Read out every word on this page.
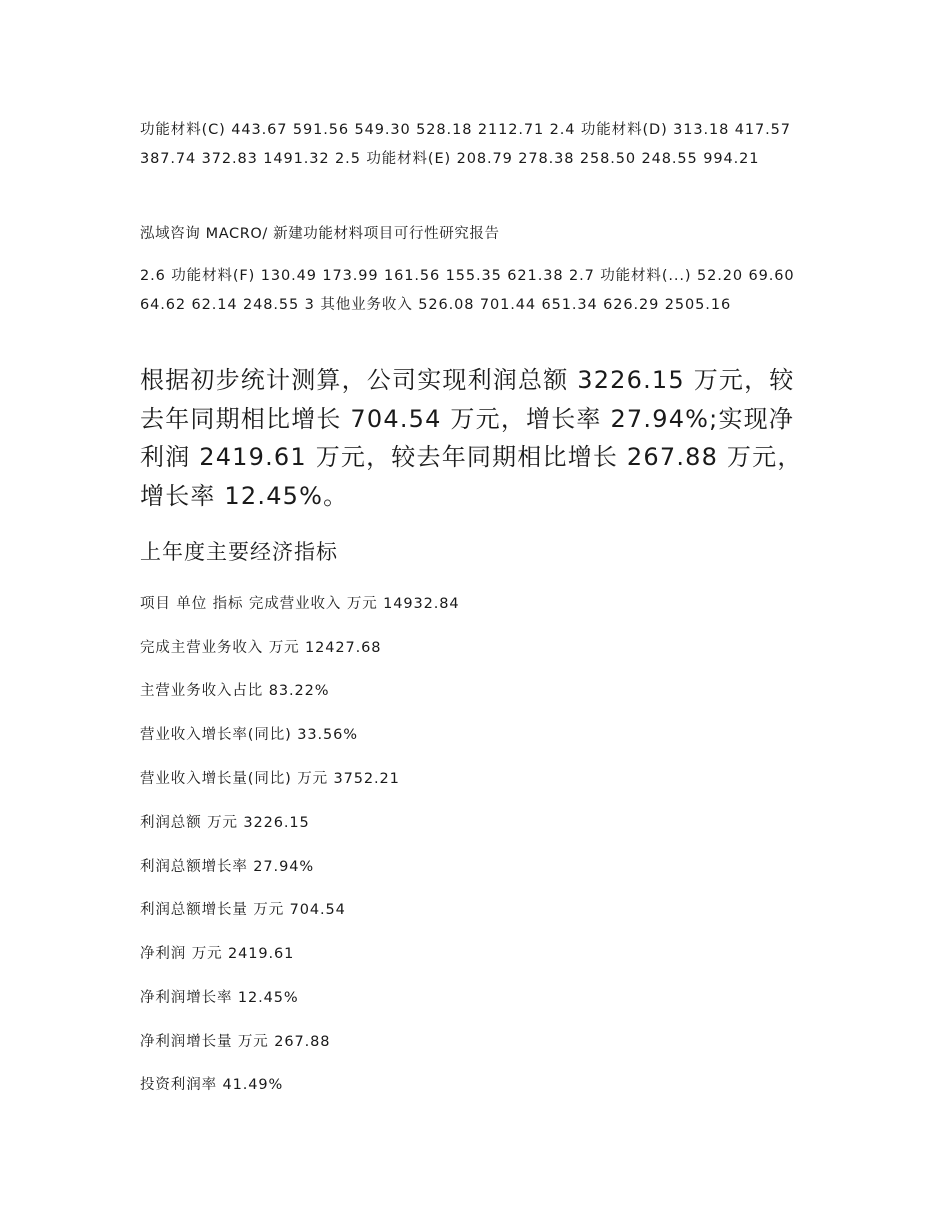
功能材料(C) 443.67 591.56 549.30 528.18 2112.71 2.4 功能材料(D) 313.18 417.57 387.74 372.83 1491.32 2.5 功能材料(E) 208.79 278.38 258.50 248.55 994.21

泓域咨询 MACRO/ 新建功能材料项目可行性研究报告

2.6 功能材料(F) 130.49 173.99 161.56 155.35 621.38 2.7 功能材料(...) 52.20 69.60 64.62 62.14 248.55 3 其他业务收入 526.08 701.44 651.34 626.29 2505.16

根据初步统计测算，公司实现利润总额 3226.15 万元，较去年同期相比增长 704.54 万元，增长率 27.94%;实现净利润 2419.61 万元，较去年同期相比增长 267.88 万元，增长率 12.45%。

上年度主要经济指标

项目 单位 指标 完成营业收入 万元 14932.84

完成主营业务收入 万元 12427.68

主营业务收入占比 83.22%

营业收入增长率(同比) 33.56%

营业收入增长量(同比) 万元 3752.21

利润总额 万元 3226.15

利润总额增长率 27.94%

利润总额增长量 万元 704.54

净利润 万元 2419.61

净利润增长率 12.45%

净利润增长量 万元 267.88

投资利润率 41.49%
